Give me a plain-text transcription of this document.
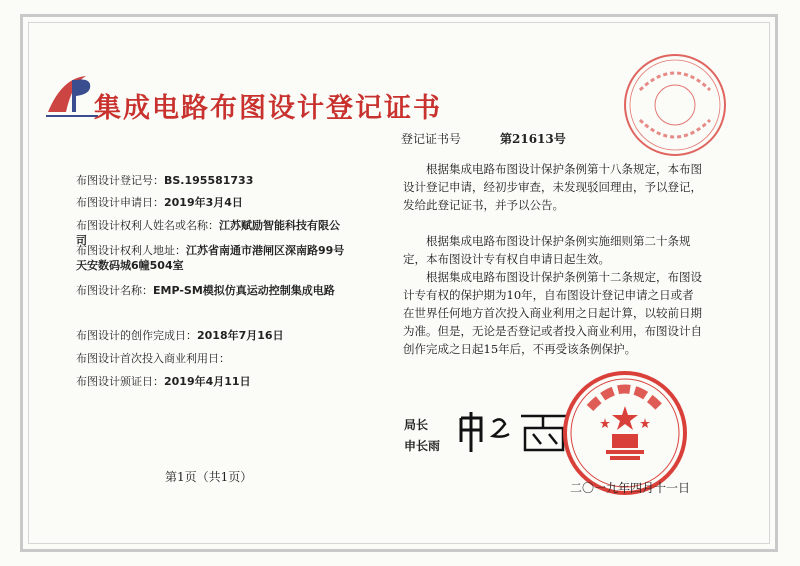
集成电路布图设计登记证书
登记证书号	第21613号
布图设计登记号：BS.195581733
布图设计申请日：2019年3月4日
布图设计权利人姓名或名称：江苏赋励智能科技有限公司
布图设计权利人地址：江苏省南通市港闸区深南路99号天安数码城6幢504室
布图设计名称：EMP-SM模拟仿真运动控制集成电路
布图设计的创作完成日：2018年7月16日
布图设计首次投入商业利用日：
布图设计颁证日：2019年4月11日

根据集成电路布图设计保护条例第十八条规定，本布图设计登记申请，经初步审查，未发现驳回理由，予以登记，发给此登记证书，并予以公告。

根据集成电路布图设计保护条例实施细则第二十条规定，本布图设计专有权自申请日起生效。

根据集成电路布图设计保护条例第十二条规定，布图设计专有权的保护期为10年，自布图设计登记申请之日或者在世界任何地方首次投入商业利用之日起计算，以较前日期为准。但是，无论是否登记或者投入商业利用，布图设计自创作完成之日起15年后，不再受该条例保护。

局长
申长雨
第1页（共1页）
二〇一九年四月十一日
